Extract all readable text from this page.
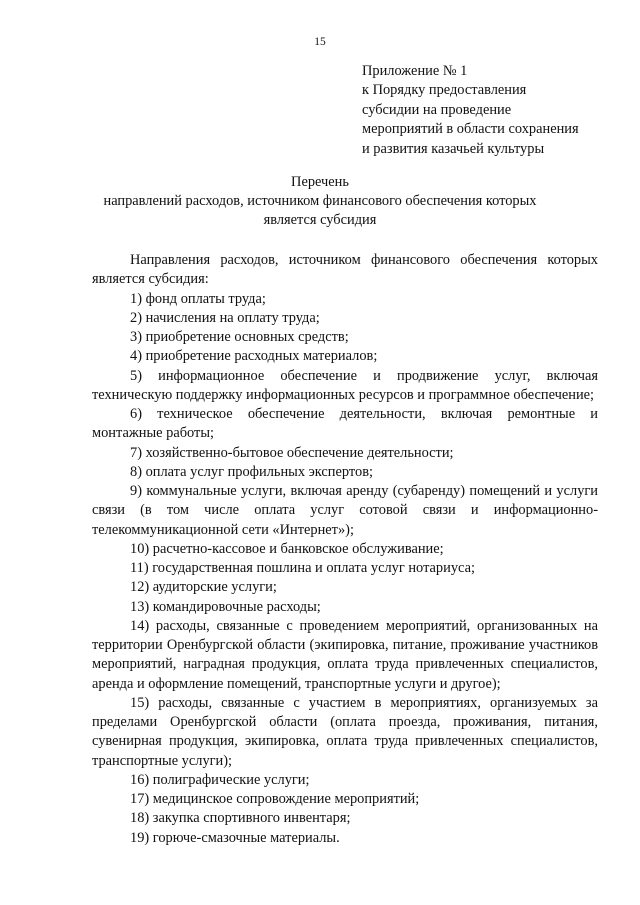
15
Приложение № 1
к Порядку предоставления
субсидии на проведение
мероприятий в области сохранения
и развития казачьей культуры
Перечень
направлений расходов, источником финансового обеспечения которых
является субсидия

Направления расходов, источником финансового обеспечения которых является субсидия:

1) фонд оплаты труда;

2) начисления на оплату труда;

3) приобретение основных средств;

4) приобретение расходных материалов;

5) информационное обеспечение и продвижение услуг, включая техническую поддержку информационных ресурсов и программное обеспечение;

6) техническое обеспечение деятельности, включая ремонтные и монтажные работы;

7) хозяйственно-бытовое обеспечение деятельности;

8) оплата услуг профильных экспертов;

9) коммунальные услуги, включая аренду (субаренду) помещений и услуги связи (в том числе оплата услуг сотовой связи и информационно-телекоммуникационной сети «Интернет»);

10) расчетно-кассовое и банковское обслуживание;

11) государственная пошлина и оплата услуг нотариуса;

12) аудиторские услуги;

13) командировочные расходы;

14) расходы, связанные с проведением мероприятий, организованных на территории Оренбургской области (экипировка, питание, проживание участников мероприятий, наградная продукция, оплата труда привлеченных специалистов, аренда и оформление помещений, транспортные услуги и другое);

15) расходы, связанные с участием в мероприятиях, организуемых за пределами Оренбургской области (оплата проезда, проживания, питания, сувенирная продукция, экипировка, оплата труда привлеченных специалистов, транспортные услуги);

16) полиграфические услуги;

17) медицинское сопровождение мероприятий;

18) закупка спортивного инвентаря;

19) горюче-смазочные материалы.
